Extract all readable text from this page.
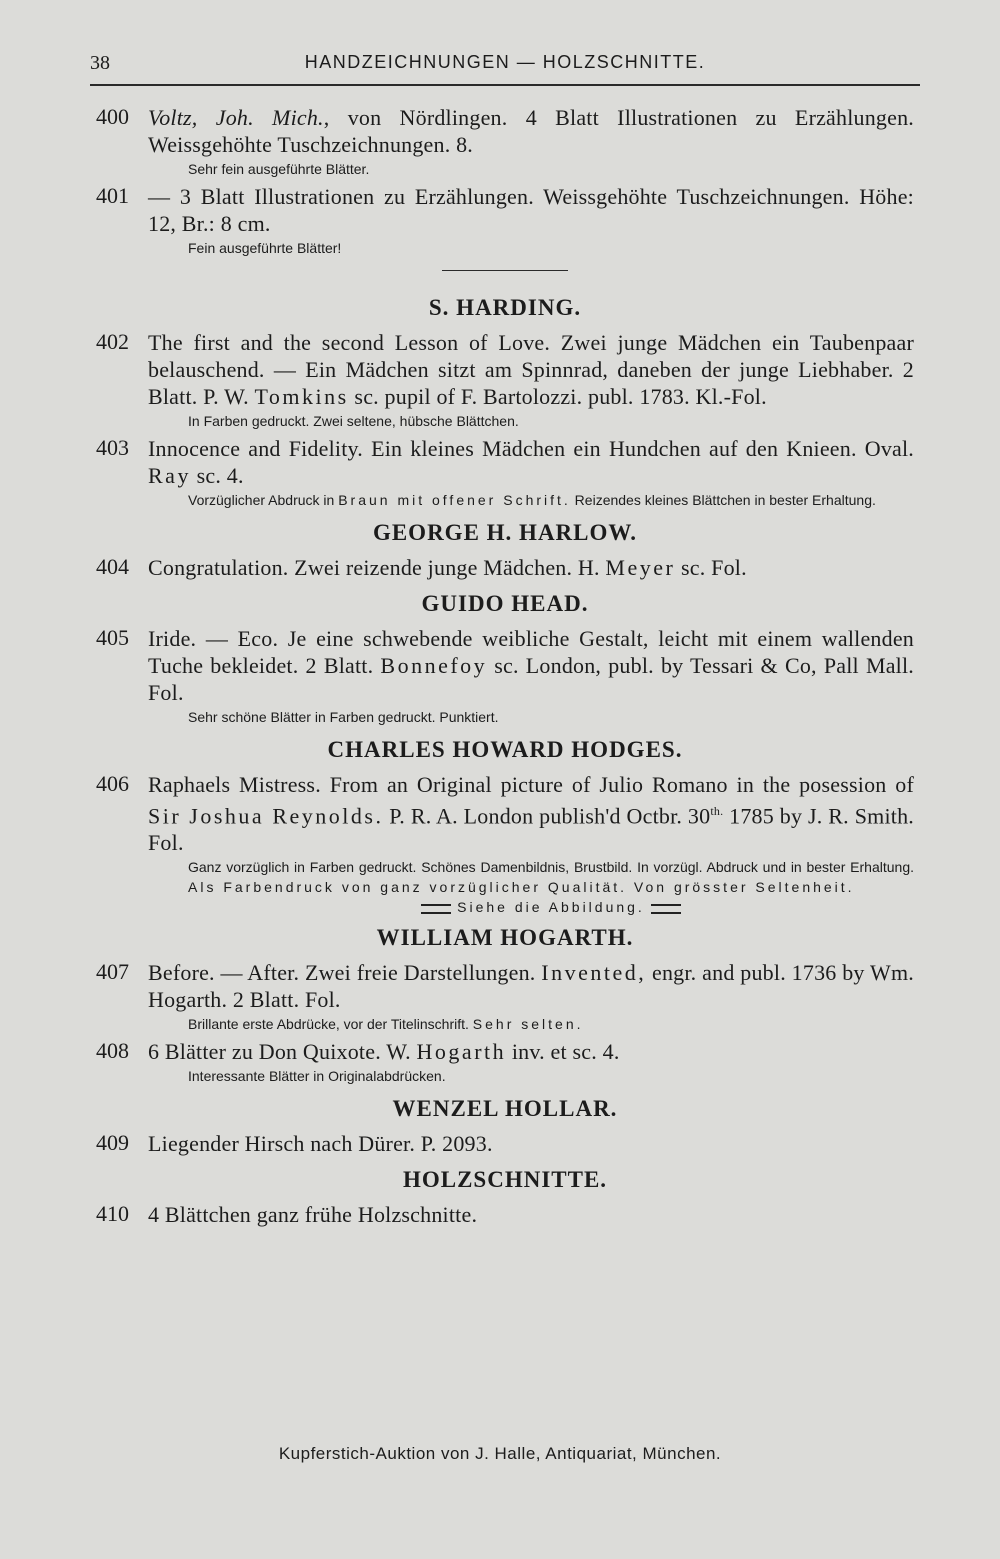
38	HANDZEICHNUNGEN — HOLZSCHNITTE.
400 Voltz, Joh. Mich., von Nördlingen. 4 Blatt Illustrationen zu Erzählungen. Weissgehöhte Tuschzeichnungen. 8.
Sehr fein ausgeführte Blätter.
401 — 3 Blatt Illustrationen zu Erzählungen. Weissgehöhte Tuschzeichnungen. Höhe: 12, Br.: 8 cm.
Fein ausgeführte Blätter!
S. HARDING.
402 The first and the second Lesson of Love. Zwei junge Mädchen ein Taubenpaar belauschend. — Ein Mädchen sitzt am Spinnrad, daneben der junge Liebhaber. 2 Blatt. P. W. Tomkins sc. pupil of F. Bartolozzi. publ. 1783. Kl.-Fol.
In Farben gedruckt. Zwei seltene, hübsche Blättchen.
403 Innocence and Fidelity. Ein kleines Mädchen ein Hundchen auf den Knieen. Oval. Ray sc. 4.
Vorzüglicher Abdruck in Braun mit offener Schrift. Reizendes kleines Blättchen in bester Erhaltung.
GEORGE H. HARLOW.
404 Congratulation. Zwei reizende junge Mädchen. H. Meyer sc. Fol.
GUIDO HEAD.
405 Iride. — Eco. Je eine schwebende weibliche Gestalt, leicht mit einem wallenden Tuche bekleidet. 2 Blatt. Bonnefoy sc. London, publ. by Tessari & Co, Pall Mall. Fol.
Sehr schöne Blätter in Farben gedruckt. Punktiert.
CHARLES HOWARD HODGES.
406 Raphaels Mistress. From an Original picture of Julio Romano in the posession of Sir Joshua Reynolds. P. R. A. London publish'd Octbr. $30^{th.}$ 1785 by J. R. Smith. Fol.
Ganz vorzüglich in Farben gedruckt. Schönes Damenbildnis, Brustbild. In vorzügl. Abdruck und in bester Erhaltung. Als Farbendruck von ganz vorzüglicher Qualität. Von grösster Seltenheit.
Siehe die Abbildung.
WILLIAM HOGARTH.
407 Before. — After. Zwei freie Darstellungen. Invented, engr. and publ. 1736 by Wm. Hogarth. 2 Blatt. Fol.
Brillante erste Abdrücke, vor der Titelinschrift. Sehr selten.
408 6 Blätter zu Don Quixote. W. Hogarth inv. et sc. 4.
Interessante Blätter in Originalabdrücken.
WENZEL HOLLAR.
409 Liegender Hirsch nach Dürer. P. 2093.
HOLZSCHNITTE.
410 4 Blättchen ganz frühe Holzschnitte.
Kupferstich-Auktion von J. Halle, Antiquariat, München.
